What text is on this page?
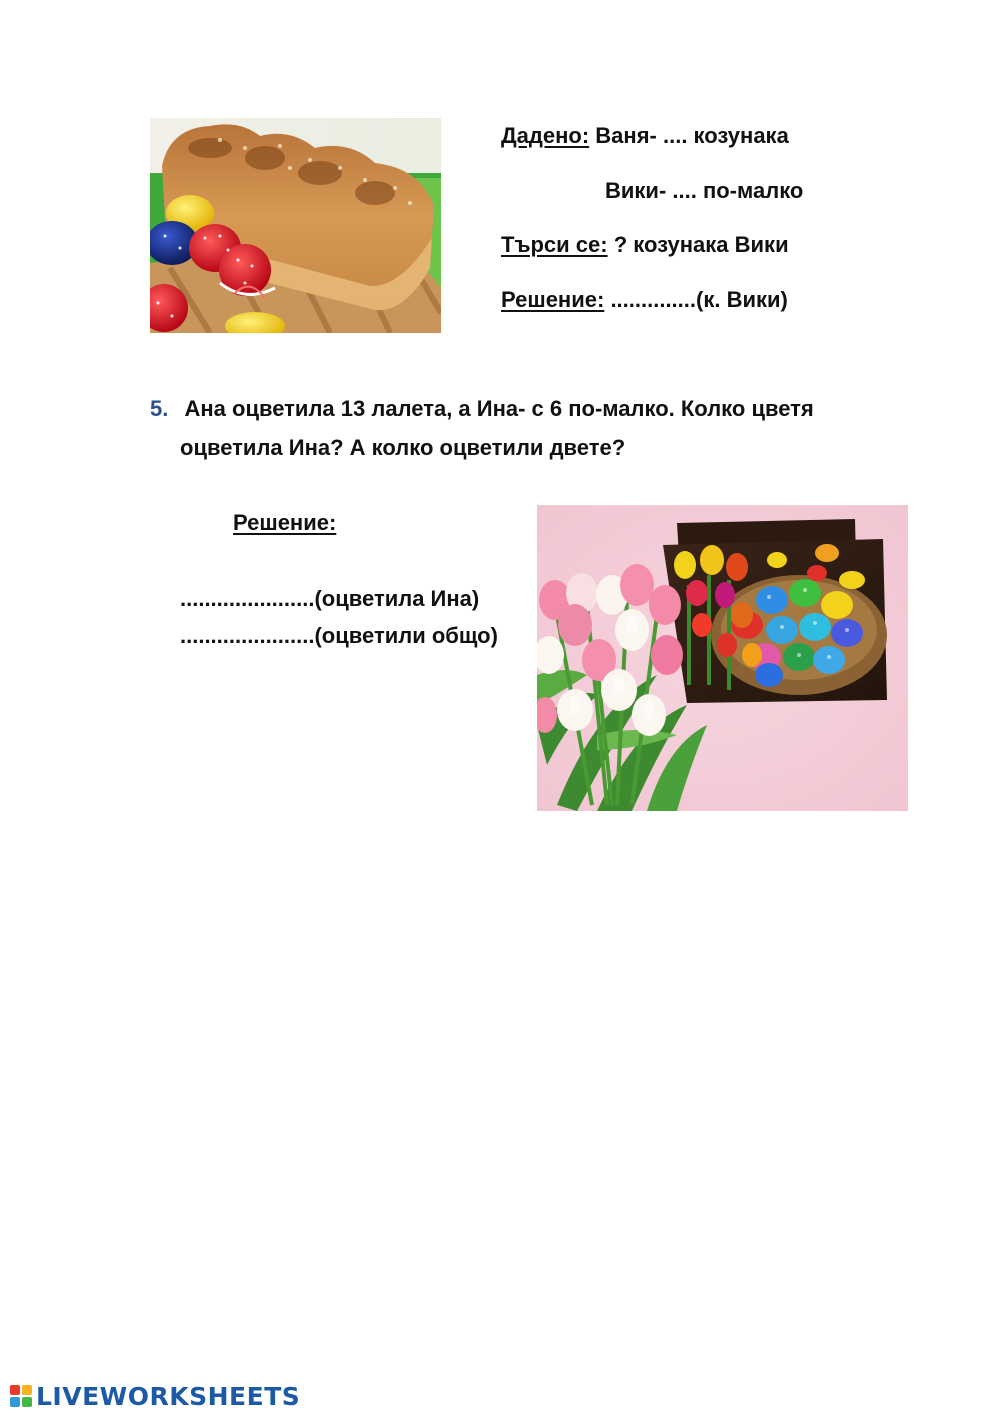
Дадено: Ваня- .... козунака
Вики- .... по-малко
Търси се: ? козунака Вики
Решение: ..............(к. Вики)
5. Ана оцветила 13 лалета, а Ина- с 6 по-малко. Колко цветя
оцветила Ина? А колко оцветили двете?
Решение:
......................(оцветила Ина)
......................(оцветили общо)
LIVEWORKSHEETS
